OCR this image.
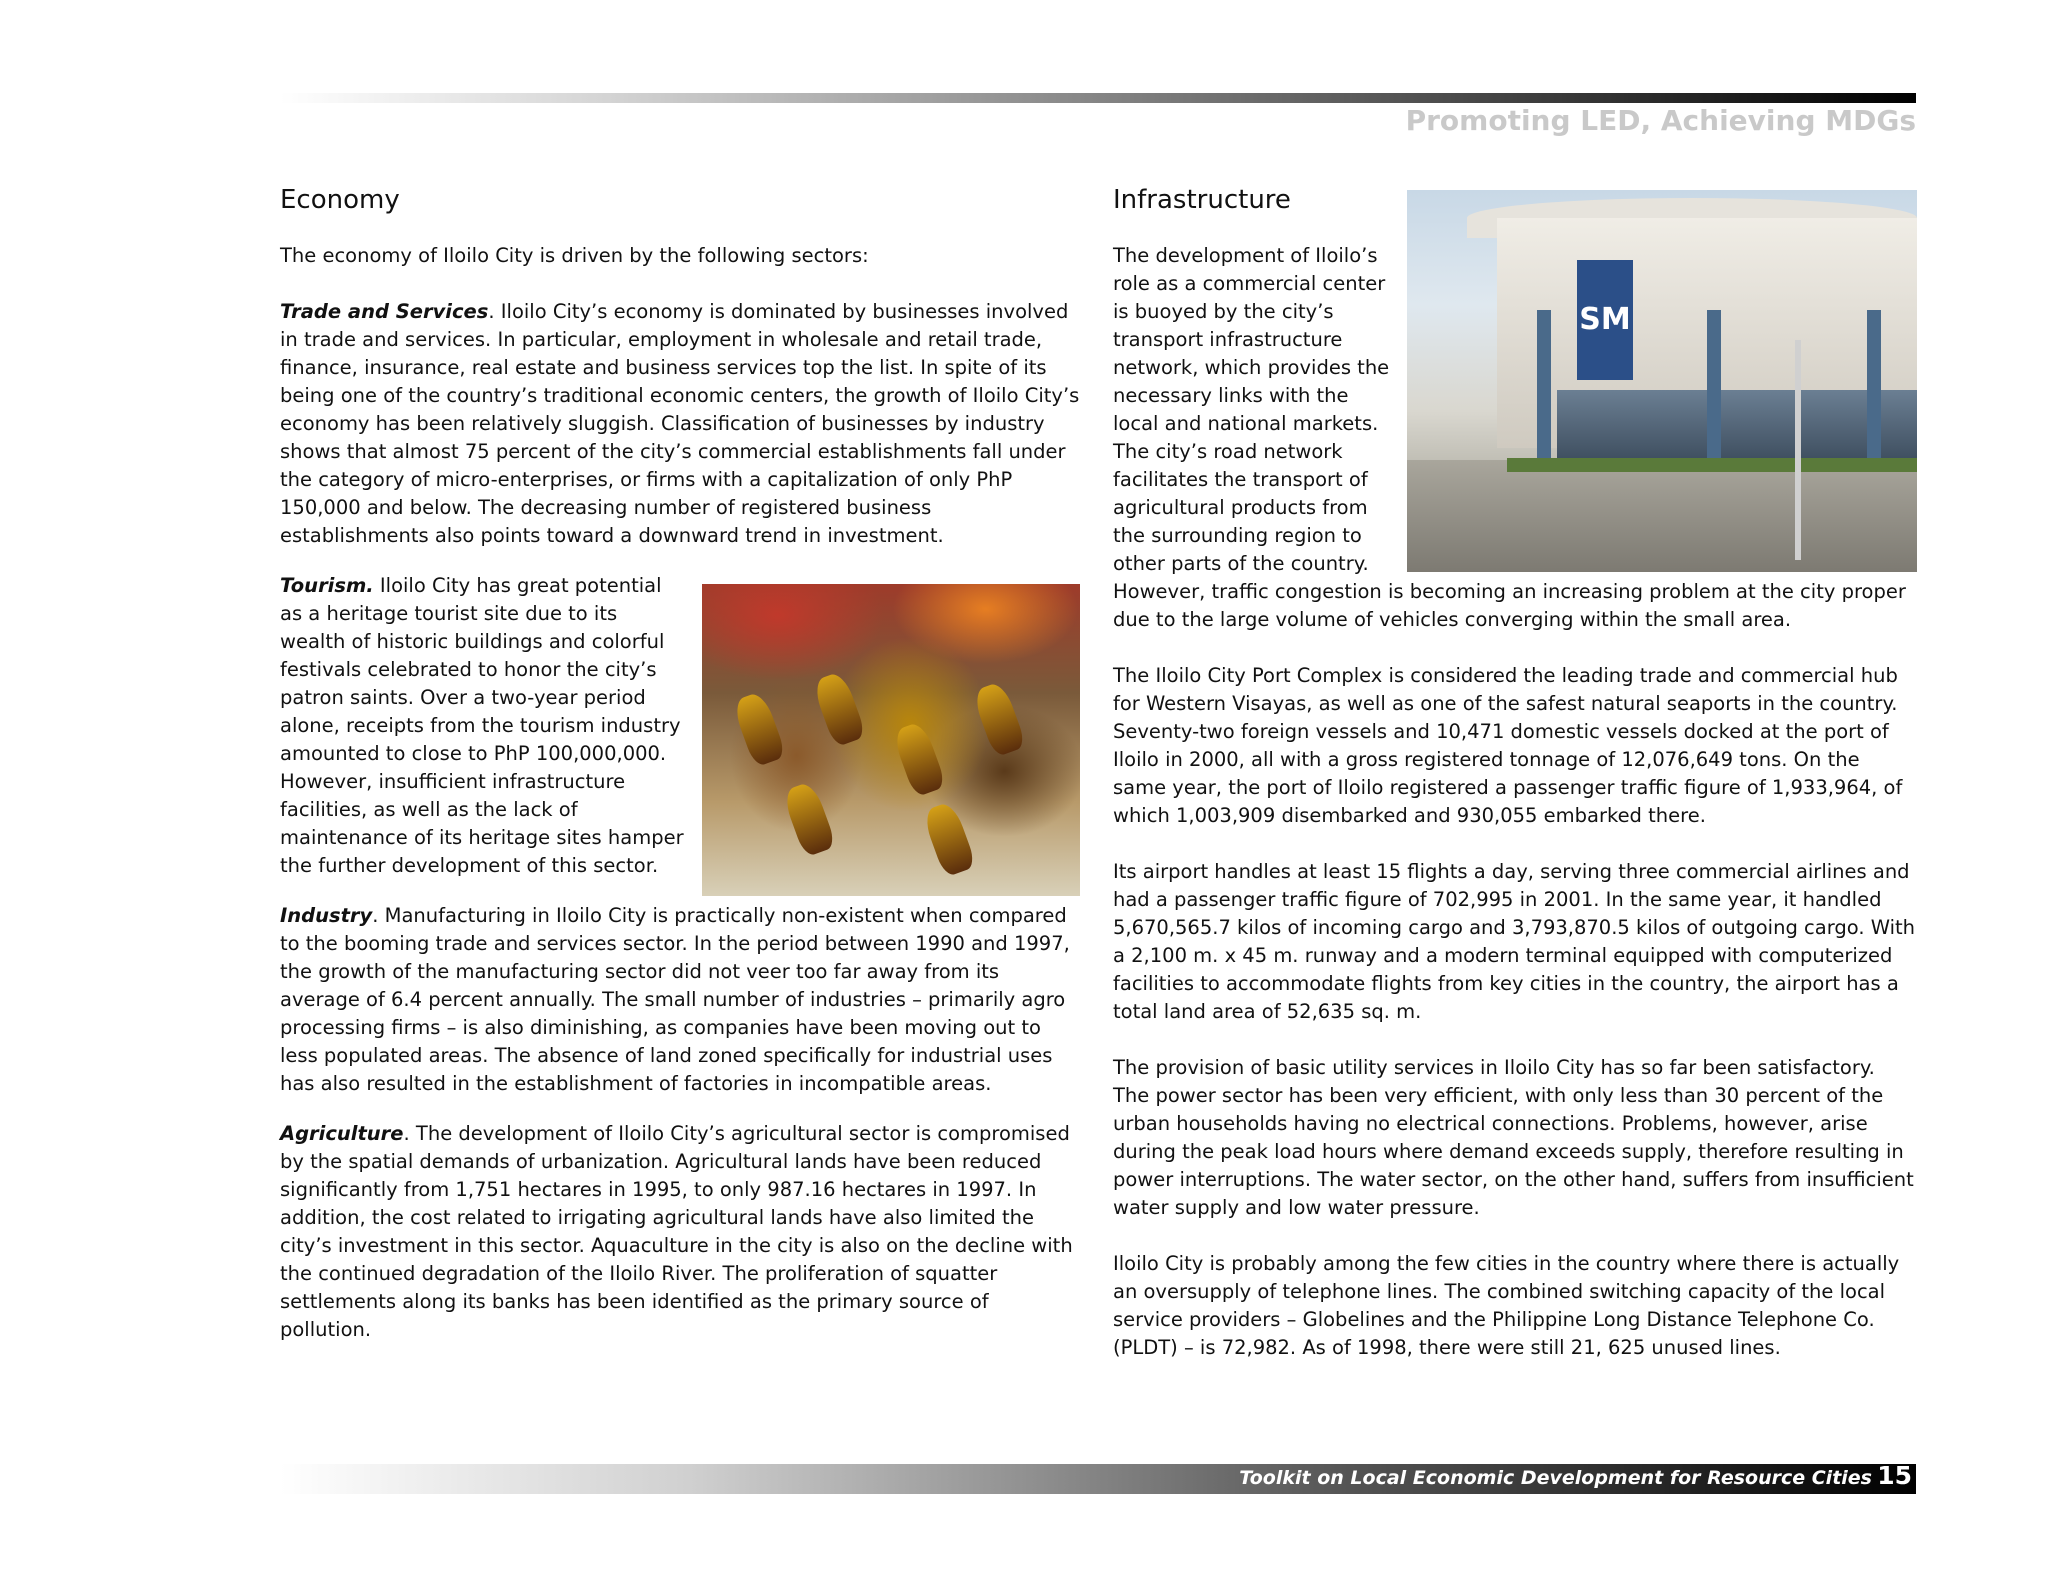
Promoting LED, Achieving MDGs
Economy

The economy of Iloilo City is driven by the following sectors:

Trade and Services. Iloilo City’s economy is dominated by businesses involved in trade and services. In particular, employment in wholesale and retail trade, finance, insurance, real estate and business services top the list. In spite of its being one of the country’s traditional economic centers, the growth of Iloilo City’s economy has been relatively sluggish. Classification of businesses by industry shows that almost 75 percent of the city’s commercial establishments fall under the category of micro-enterprises, or firms with a capitalization of only PhP 150,000 and below. The decreasing number of registered business establishments also points toward a downward trend in investment.

Tourism. Iloilo City has great potential as a heritage tourist site due to its wealth of historic buildings and colorful festivals celebrated to honor the city’s patron saints. Over a two-year period alone, receipts from the tourism industry amounted to close to PhP 100,000,000. However, insufficient infrastructure facilities, as well as the lack of maintenance of its heritage sites hamper the further development of this sector.

Industry. Manufacturing in Iloilo City is practically non-existent when compared to the booming trade and services sector. In the period between 1990 and 1997, the growth of the manufacturing sector did not veer too far away from its average of 6.4 percent annually. The small number of industries – primarily agro processing firms – is also diminishing, as companies have been moving out to less populated areas. The absence of land zoned specifically for industrial uses has also resulted in the establishment of factories in incompatible areas.

Agriculture. The development of Iloilo City’s agricultural sector is compromised by the spatial demands of urbanization. Agricultural lands have been reduced significantly from 1,751 hectares in 1995, to only 987.16 hectares in 1997. In addition, the cost related to irrigating agricultural lands have also limited the city’s investment in this sector. Aquaculture in the city is also on the decline with the continued degradation of the Iloilo River. The proliferation of squatter settlements along its banks has been identified as the primary source of pollution.

SM
Infrastructure

The development of Iloilo’s role as a commercial center is buoyed by the city’s transport infrastructure network, which provides the necessary links with the local and national markets. The city’s road network facilitates the transport of agricultural products from the surrounding region to other parts of the country. However, traffic congestion is becoming an increasing problem at the city proper due to the large volume of vehicles converging within the small area.

The Iloilo City Port Complex is considered the leading trade and commercial hub for Western Visayas, as well as one of the safest natural seaports in the country. Seventy-two foreign vessels and 10,471 domestic vessels docked at the port of Iloilo in 2000, all with a gross registered tonnage of 12,076,649 tons. On the same year, the port of Iloilo registered a passenger traffic figure of 1,933,964, of which 1,003,909 disembarked and 930,055 embarked there.

Its airport handles at least 15 flights a day, serving three commercial airlines and had a passenger traffic figure of 702,995 in 2001. In the same year, it handled 5,670,565.7 kilos of incoming cargo and 3,793,870.5 kilos of outgoing cargo. With a 2,100 m. x 45 m. runway and a modern terminal equipped with computerized facilities to accommodate flights from key cities in the country, the airport has a total land area of 52,635 sq. m.

The provision of basic utility services in Iloilo City has so far been satisfactory. The power sector has been very efficient, with only less than 30 percent of the urban households having no electrical connections. Problems, however, arise during the peak load hours where demand exceeds supply, therefore resulting in power interruptions. The water sector, on the other hand, suffers from insufficient water supply and low water pressure.

Iloilo City is probably among the few cities in the country where there is actually an oversupply of telephone lines. The combined switching capacity of the local service providers – Globelines and the Philippine Long Distance Telephone Co. (PLDT) – is 72,982. As of 1998, there were still 21, 625 unused lines.

Toolkit on Local Economic Development for Resource Cities 15
